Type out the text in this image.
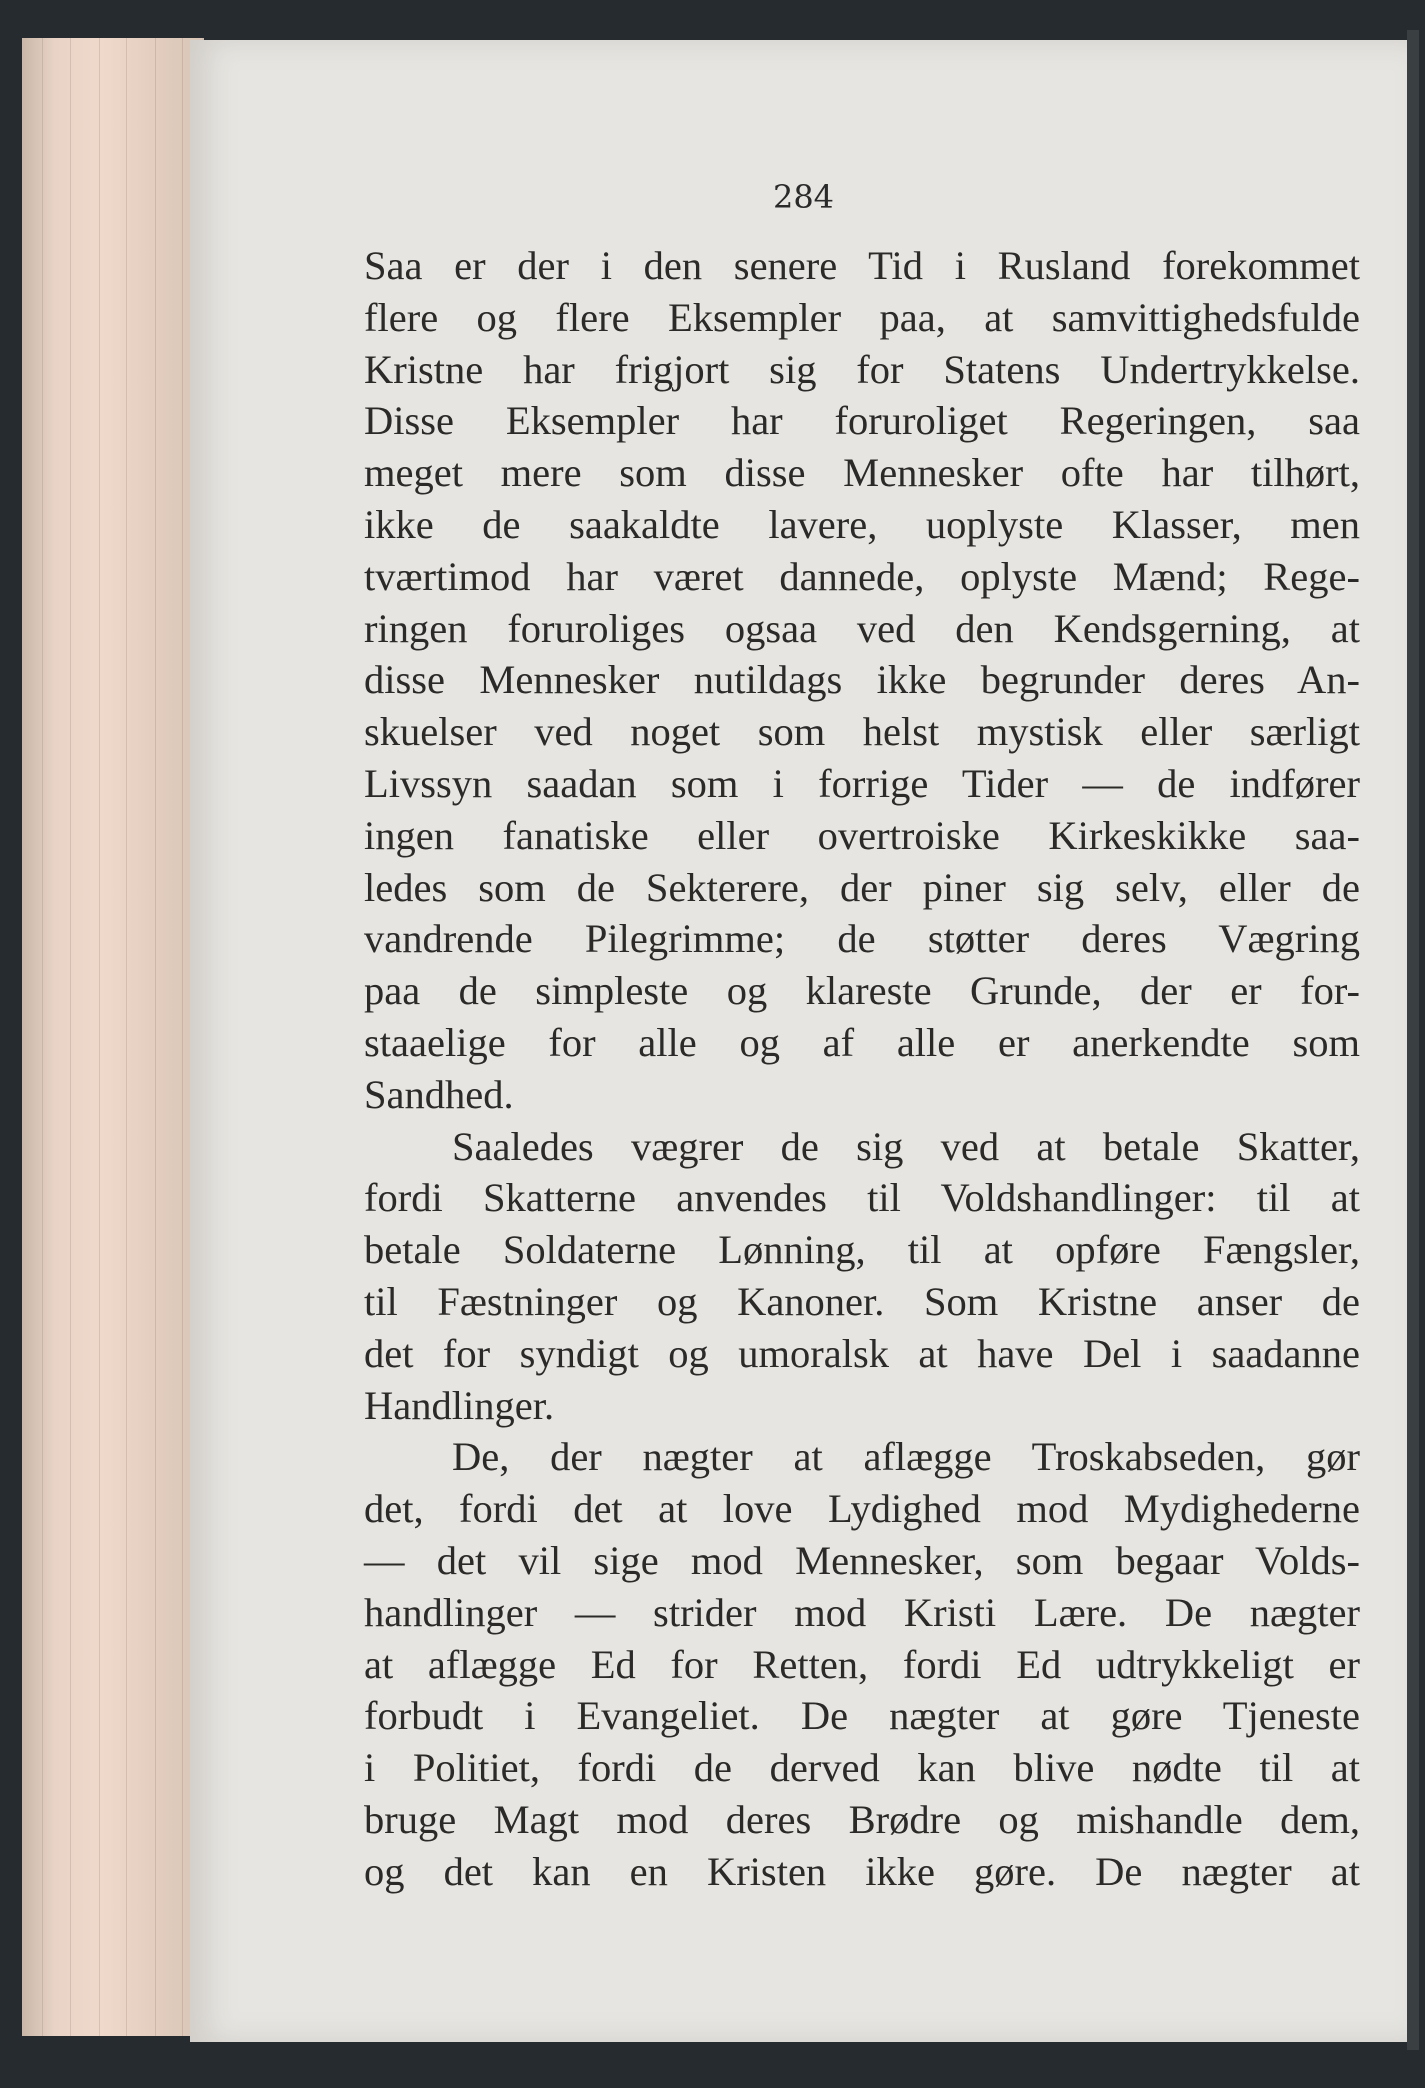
284
Saa er der i den senere Tid i Rusland forekommet
flere og flere Eksempler paa, at samvittighedsfulde
Kristne har frigjort sig for Statens Undertrykkelse.
Disse Eksempler har foruroliget Regeringen, saa
meget mere som disse Mennesker ofte har tilhørt,
ikke de saakaldte lavere, uoplyste Klasser, men
tværtimod har været dannede, oplyste Mænd; Rege-
ringen foruroliges ogsaa ved den Kendsgerning, at
disse Mennesker nutildags ikke begrunder deres An-
skuelser ved noget som helst mystisk eller særligt
Livssyn saadan som i forrige Tider — de indfører
ingen fanatiske eller overtroiske Kirkeskikke saa-
ledes som de Sekterere, der piner sig selv, eller de
vandrende Pilegrimme; de støtter deres Vægring
paa de simpleste og klareste Grunde, der er for-
staaelige for alle og af alle er anerkendte som
Sandhed.
Saaledes vægrer de sig ved at betale Skatter,
fordi Skatterne anvendes til Voldshandlinger: til at
betale Soldaterne Lønning, til at opføre Fængsler,
til Fæstninger og Kanoner. Som Kristne anser de
det for syndigt og umoralsk at have Del i saadanne
Handlinger.
De, der nægter at aflægge Troskabseden, gør
det, fordi det at love Lydighed mod Mydighederne
— det vil sige mod Mennesker, som begaar Volds-
handlinger — strider mod Kristi Lære. De nægter
at aflægge Ed for Retten, fordi Ed udtrykkeligt er
forbudt i Evangeliet. De nægter at gøre Tjeneste
i Politiet, fordi de derved kan blive nødte til at
bruge Magt mod deres Brødre og mishandle dem,
og det kan en Kristen ikke gøre. De nægter at
